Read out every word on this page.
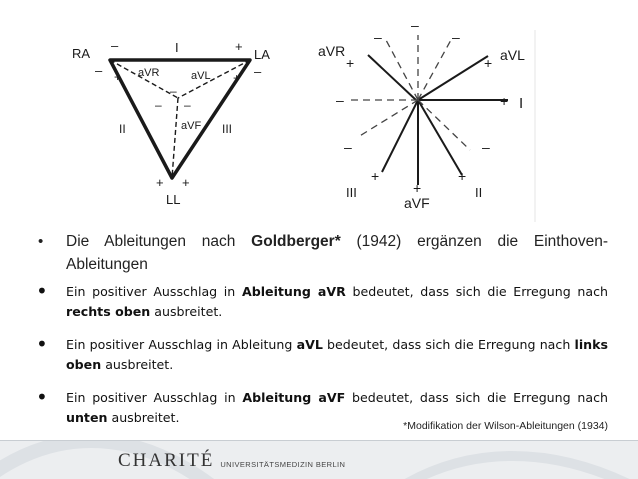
RA	LA
LL
I
II	III
aVR	aVL
aVF
–
– +
+
–
+
–
– –
+ +
aVR	aVL
I
III
aVF
II
–
–
+
–
+
–	+
–	–
+
+
+
• Die Ableitungen nach Goldberger* (1942) ergänzen die Einthoven-Ableitungen
• Ein positiver Ausschlag in Ableitung aVR bedeutet, dass sich die Erregung nach rechts oben ausbreitet.
• Ein positiver Ausschlag in Ableitung aVL bedeutet, dass sich die Erregung nach links oben ausbreitet.
• Ein positiver Ausschlag in Ableitung aVF bedeutet, dass sich die Erregung nach unten ausbreitet.
*Modifikation der Wilson-Ableitungen (1934)
CHARITÉ UNIVERSITÄTSMEDIZIN BERLIN
